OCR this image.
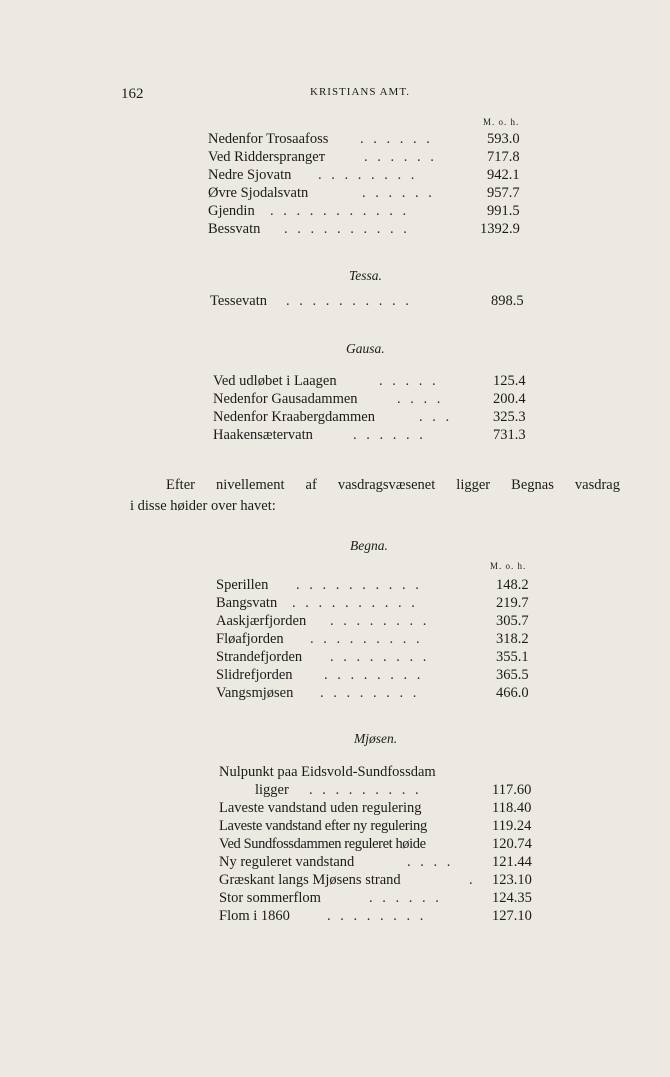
162	KRISTIANS AMT.
M. o. h.
Nedenfor Trosaafoss . . . . . .	593.0
Ved Riddersprangет	. . . . . .	717.8
Nedre Sjovatn . . . . . . . .	942.1
Øvre Sjodalsvatn	. . . . . .	957.7
Gjendin . . . . . . . . . . .	991.5
Bessvatn . . . . . . . . . .	1392.9
Tessa.
Tessevatn . . . . . . . . . .	898.5
Gausa.
Ved udløbet i Laagen	. . . . .	125.4
Nedenfor Gausadammen	. . . .	200.4
Nedenfor Kraabergdammen	. . .	325.3
Haakensætervatn	. . . . . .	731.3
Efter nivellement af vasdragsvæsenet ligger Begnas vasdrag
i disse høider over havet:
Begna.
M. o. h.
Sperillen . . . . . . . . . .	148.2
Bangsvatn . . . . . . . . . .	219.7
Aaskjærfjorden . . . . . . . .	305.7
Fløafjorden . . . . . . . . .	318.2
Strandefjorden . . . . . . . .	355.1
Slidrefjorden . . . . . . . .	365.5
Vangsmjøsen . . . . . . . .	466.0
Mjøsen.
Nulpunkt paa Eidsvold-Sundfossdam
ligger . . . . . . . . .	117.60
Laveste vandstand uden regulering	118.40
Laveste vandstand efter ny regulering	119.24
Ved Sundfossdammen reguleret høide	120.74
Ny reguleret vandstand	. . . .	121.44
Græskant langs Mjøsens strand	.	123.10
Stor sommerflom	. . . . . .	124.35
Flom i 1860	. . . . . . . .	127.10
